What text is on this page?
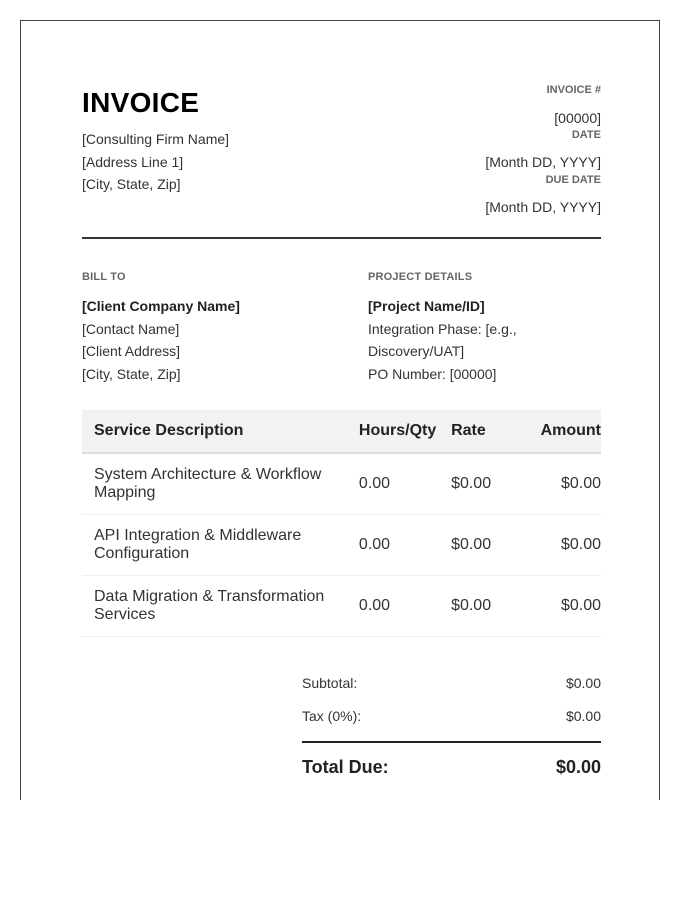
INVOICE
[Consulting Firm Name]
[Address Line 1]
[City, State, Zip]
INVOICE #
[00000]
DATE
[Month DD, YYYY]
DUE DATE
[Month DD, YYYY]
BILL TO
[Client Company Name]
[Contact Name]
[Client Address]
[City, State, Zip]
PROJECT DETAILS
[Project Name/ID]
Integration Phase: [e.g.,
Discovery/UAT]
PO Number: [00000]
Service Description	Hours/Qty	Rate	Amount
System Architecture & Workflow Mapping	0.00	$0.00	$0.00
API Integration & Middleware Configuration	0.00	$0.00	$0.00
Data Migration & Transformation Services	0.00	$0.00	$0.00
Subtotal:	$0.00
Tax (0%):	$0.00
Total Due:	$0.00
